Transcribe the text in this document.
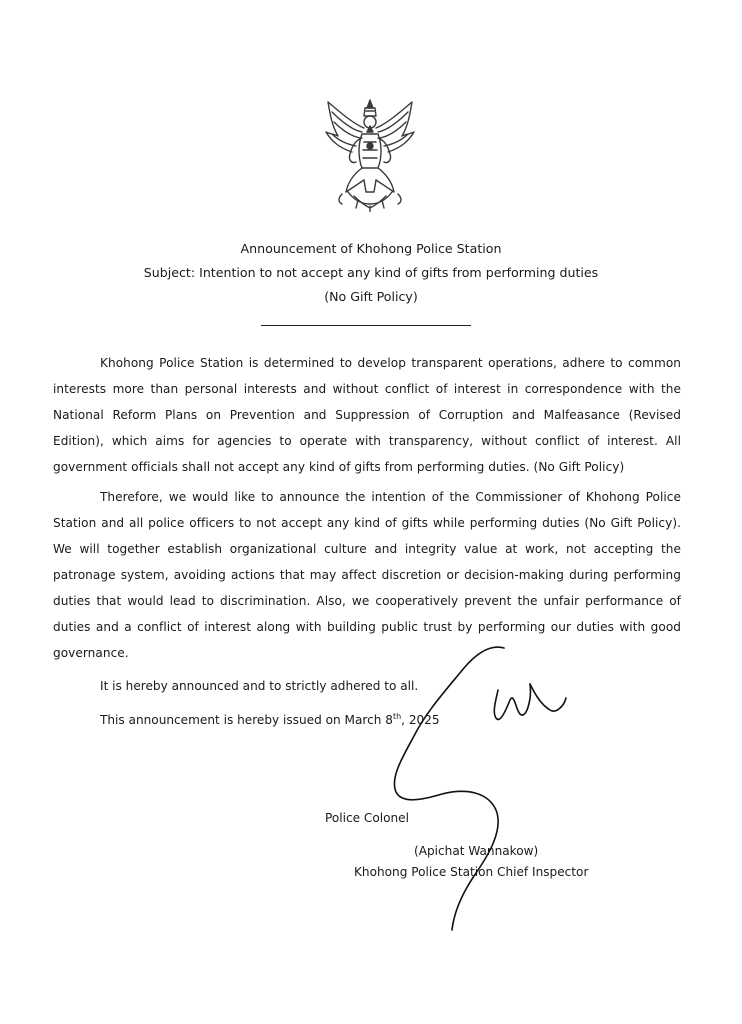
Announcement of Khohong Police Station
Subject: Intention to not accept any kind of gifts from performing duties
(No Gift Policy)

Khohong Police Station is determined to develop transparent operations, adhere to common interests more than personal interests and without conflict of interest in correspondence with the National Reform Plans on Prevention and Suppression of Corruption and Malfeasance (Revised Edition), which aims for agencies to operate with transparency, without conflict of interest. All government officials shall not accept any kind of gifts from performing duties. (No Gift Policy)

Therefore, we would like to announce the intention of the Commissioner of Khohong Police Station and all police officers to not accept any kind of gifts while performing duties (No Gift Policy). We will together establish organizational culture and integrity value at work, not accepting the patronage system, avoiding actions that may affect discretion or decision-making during performing duties that would lead to discrimination. Also, we cooperatively prevent the unfair performance of duties and a conflict of interest along with building public trust by performing our duties with good governance.

It is hereby announced and to strictly adhered to all.
This announcement is hereby issued on March 8th, 2025
Police Colonel
(Apichat Wannakow)
Khohong Police Station Chief Inspector
